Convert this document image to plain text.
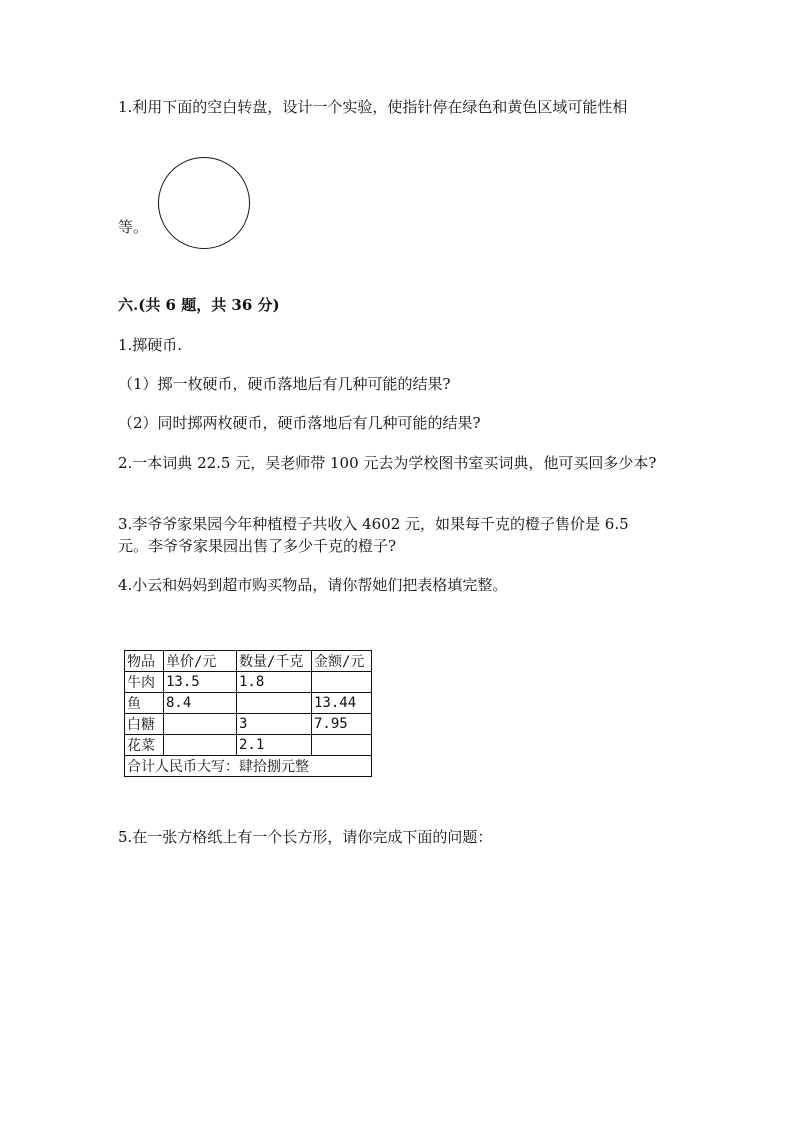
1.利用下面的空白转盘，设计一个实验，使指针停在绿色和黄色区域可能性相
等。
六.(共 6 题，共 36 分)
1.掷硬币.
（1）掷一枚硬币，硬币落地后有几种可能的结果?
（2）同时掷两枚硬币，硬币落地后有几种可能的结果?
2.一本词典 22.5 元，吴老师带 100 元去为学校图书室买词典，他可买回多少本?
3.李爷爷家果园今年种植橙子共收入 4602 元，如果每千克的橙子售价是 6.5 元。李爷爷家果园出售了多少千克的橙子?
4.小云和妈妈到超市购买物品，请你帮她们把表格填完整。
物品	单价/元	数量/千克	金额/元
牛肉	13.5	1.8	
鱼	8.4		13.44
白糖		3	7.95
花菜		2.1	
合计人民币大写：肆拾捌元整			
5.在一张方格纸上有一个长方形，请你完成下面的问题：
